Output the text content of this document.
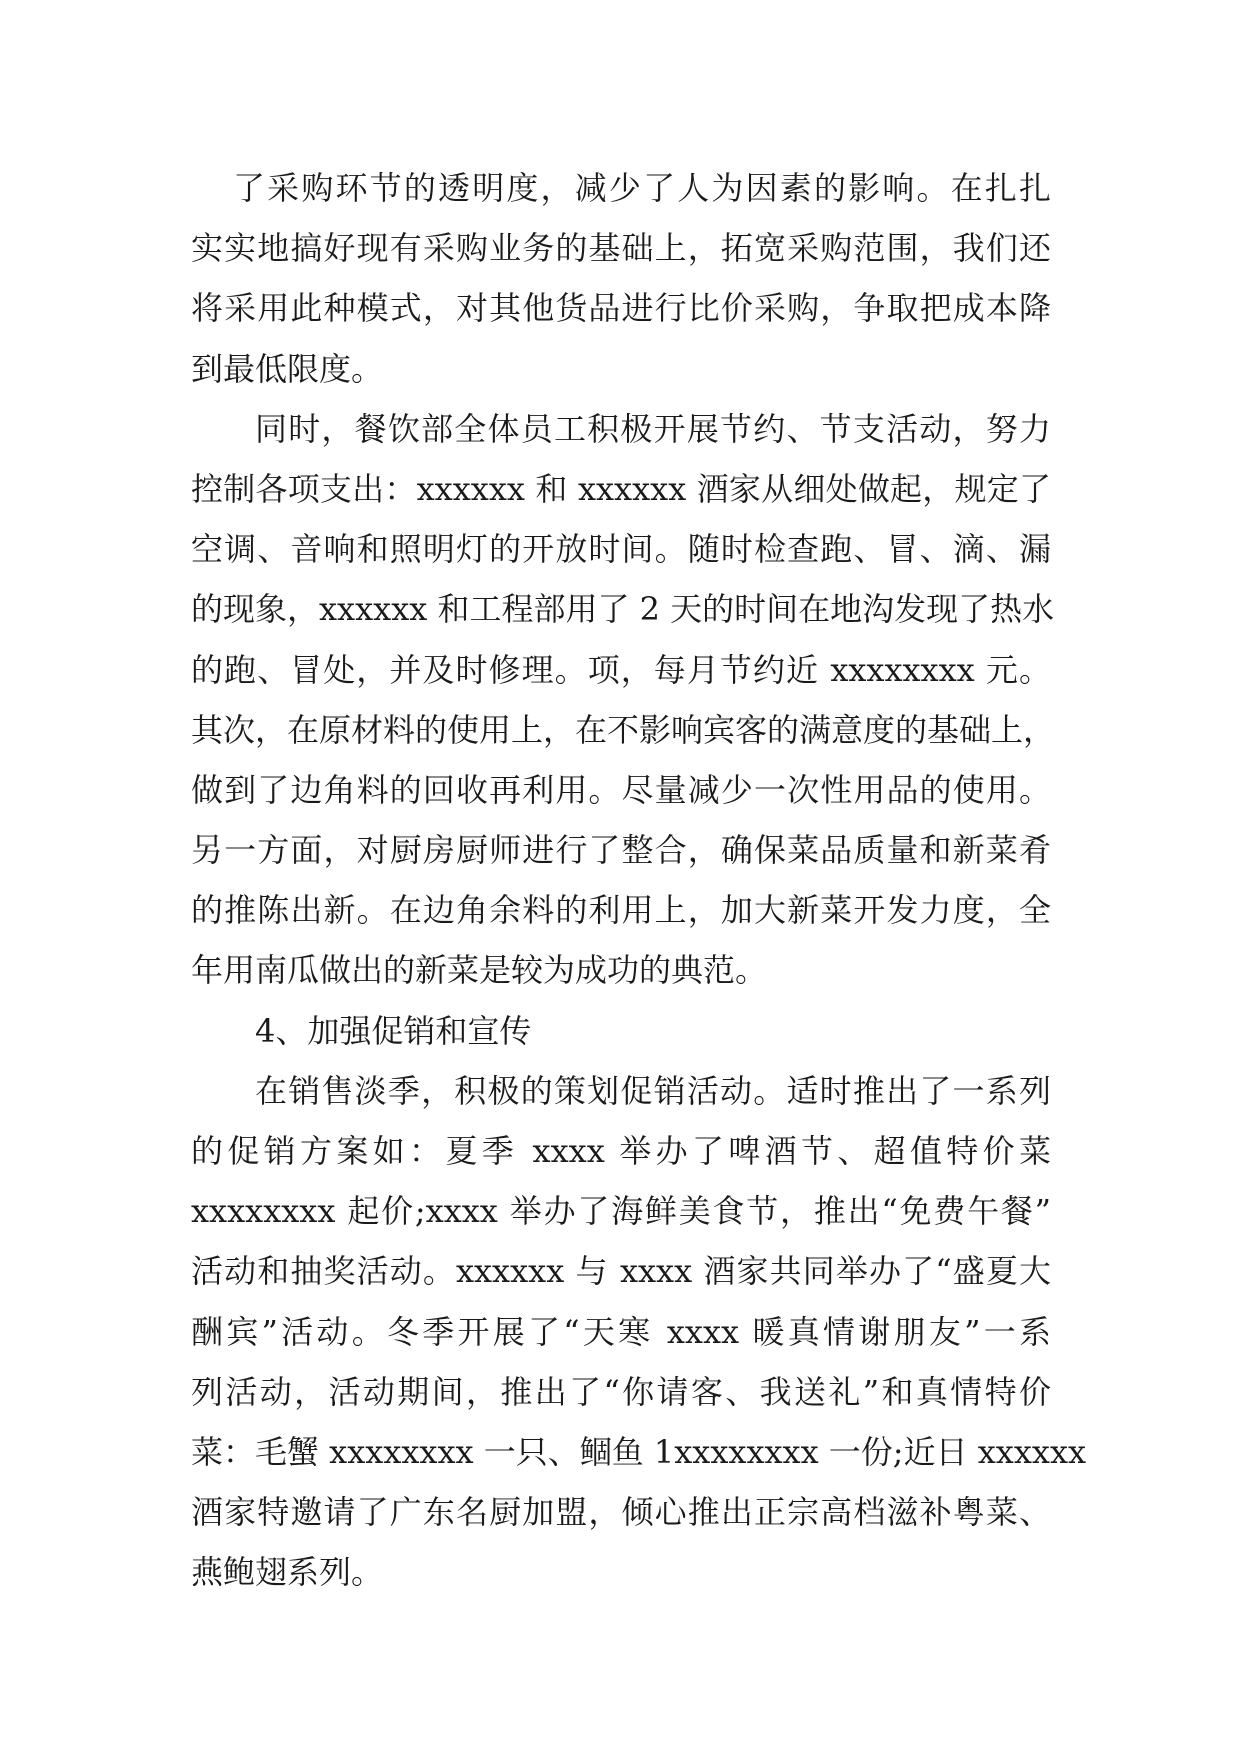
了采购环节的透明度，减少了人为因素的影响。在扎扎
实实地搞好现有采购业务的基础上，拓宽采购范围，我们还
将采用此种模式，对其他货品进行比价采购，争取把成本降
到最低限度。
同时，餐饮部全体员工积极开展节约、节支活动，努力
控制各项支出：xxxxxx 和 xxxxxx 酒家从细处做起，规定了
空调、音响和照明灯的开放时间。随时检查跑、冒、滴、漏
的现象，xxxxxx 和工程部用了 2 天的时间在地沟发现了热水
的跑、冒处，并及时修理。项，每月节约近 xxxxxxxx 元。
其次，在原材料的使用上，在不影响宾客的满意度的基础上，
做到了边角料的回收再利用。尽量减少一次性用品的使用。
另一方面，对厨房厨师进行了整合，确保菜品质量和新菜肴
的推陈出新。在边角余料的利用上，加大新菜开发力度，全
年用南瓜做出的新菜是较为成功的典范。
4、加强促销和宣传
在销售淡季，积极的策划促销活动。适时推出了一系列
的促销方案如：夏季 xxxx 举办了啤酒节、超值特价菜
xxxxxxxx 起价;xxxx 举办了海鲜美食节，推出“免费午餐”
活动和抽奖活动。xxxxxx 与 xxxx 酒家共同举办了“盛夏大
酬宾”活动。冬季开展了“天寒 xxxx 暖真情谢朋友”一系
列活动，活动期间，推出了“你请客、我送礼”和真情特价
菜：毛蟹 xxxxxxxx 一只、鲴鱼 1xxxxxxxx 一份;近日 xxxxxx
酒家特邀请了广东名厨加盟，倾心推出正宗高档滋补粤菜、
燕鲍翅系列。
